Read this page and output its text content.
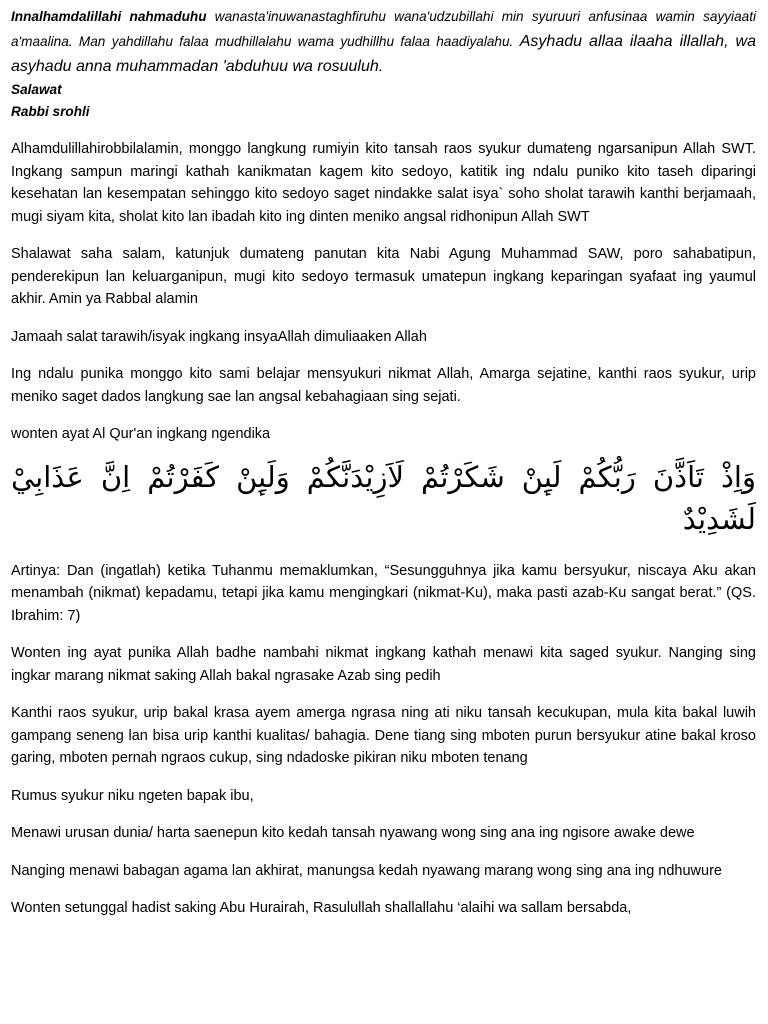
Innalhamdalillahi nahmaduhu wanasta'inuwanastaghfiruhu wana'udzubillahi min syuruuri anfusinaa wamin sayyiaati a'maalina. Man yahdillahu falaa mudhillalahu wama yudhillhu falaa haadiyalahu. Asyhadu allaa ilaaha illallah, wa asyhadu anna muhammadan 'abduhuu wa rosuuluh.

Salawat

Rabbi srohli

Alhamdulillahirobbilalamin, monggo langkung rumiyin kito tansah raos syukur dumateng ngarsanipun Allah SWT. Ingkang sampun maringi kathah kanikmatan kagem kito sedoyo, katitik ing ndalu puniko kito taseh diparingi kesehatan lan kesempatan sehinggo kito sedoyo saget nindakke salat isya` soho sholat tarawih kanthi berjamaah, mugi siyam kita, sholat kito lan ibadah kito ing dinten meniko angsal ridhonipun Allah SWT

Shalawat saha salam, katunjuk dumateng panutan kita Nabi Agung Muhammad SAW, poro sahabatipun, penderekipun lan keluarganipun, mugi kito sedoyo termasuk umatepun ingkang keparingan syafaat ing yaumul akhir. Amin ya Rabbal alamin

Jamaah salat tarawih/isyak ingkang insyaAllah dimuliaaken Allah

Ing ndalu punika monggo kito sami belajar mensyukuri nikmat Allah, Amarga sejatine, kanthi raos syukur, urip meniko saget dados langkung sae lan angsal kebahagiaan sing sejati.

wonten ayat Al Qur'an ingkang ngendika

وَاِذْ تَاَذَّنَ رَبُّكُمْ لَىِٕنْ شَكَرْتُمْ لَاَزِيْدَنَّكُمْ وَلَىِٕنْ كَفَرْتُمْ اِنَّ عَذَابِيْ لَشَدِيْدٌ

Artinya: Dan (ingatlah) ketika Tuhanmu memaklumkan, “Sesungguhnya jika kamu bersyukur, niscaya Aku akan menambah (nikmat) kepadamu, tetapi jika kamu mengingkari (nikmat-Ku), maka pasti azab-Ku sangat berat.” (QS. Ibrahim: 7)

Wonten ing ayat punika Allah badhe nambahi nikmat ingkang kathah menawi kita saged syukur. Nanging sing ingkar marang nikmat saking Allah bakal ngrasake Azab sing pedih

Kanthi raos syukur, urip bakal krasa ayem amerga ngrasa ning ati niku tansah kecukupan, mula kita bakal luwih gampang seneng lan bisa urip kanthi kualitas/ bahagia. Dene tiang sing mboten purun bersyukur atine bakal kroso garing, mboten pernah ngraos cukup, sing ndadoske pikiran niku mboten tenang

Rumus syukur niku ngeten bapak ibu,

Menawi urusan dunia/ harta saenepun kito kedah tansah nyawang wong sing ana ing ngisore awake dewe

Nanging menawi babagan agama lan akhirat, manungsa kedah nyawang marang wong sing ana ing ndhuwure

Wonten setunggal hadist saking Abu Hurairah, Rasulullah shallallahu ‘alaihi wa sallam bersabda,
